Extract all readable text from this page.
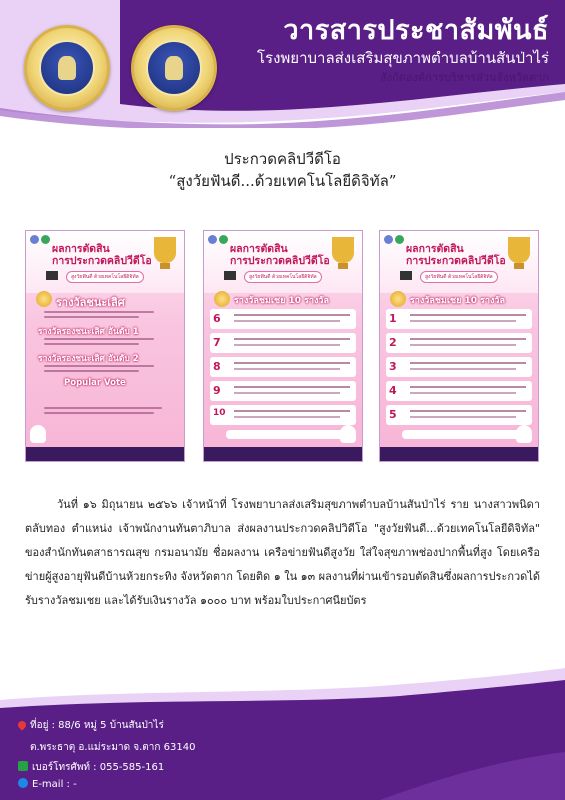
วารสารประชาสัมพันธ์
โรงพยาบาลส่งเสริมสุขภาพตำบลบ้านสันป่าไร่
สังกัดองค์การบริหารส่วนจังหวัดตาก
ประกวดคลิปวีดีโอ
“สูงวัยฟันดี...ด้วยเทคโนโลยีดิจิทัล”
ผลการตัดสิน
การประกวดคลิปวีดีโอ
สูงวัยฟันดี ด้วยเทคโนโลยีดิจิทัล
รางวัลชนะเลิศ
รางวัลรองชนะเลิศ อันดับ 1
รางวัลรองชนะเลิศ อันดับ 2
Popular Vote
ผลการตัดสิน
การประกวดคลิปวีดีโอ
สูงวัยฟันดี ด้วยเทคโนโลยีดิจิทัล
รางวัลชมเชย 10 รางวัล
6
7
8
9
10
ผลการตัดสิน
การประกวดคลิปวีดีโอ
สูงวัยฟันดี ด้วยเทคโนโลยีดิจิทัล
รางวัลชมเชย 10 รางวัล
1
2
3
4
5
วันที่ ๑๖ มิถุนายน ๒๕๖๖ เจ้าหน้าที่ โรงพยาบาลส่งเสริมสุขภาพตำบลบ้านสันป่าไร่ ราย นางสาวพนิดา ตลับทอง ตำแหน่ง เจ้าพนักงานทันตาภิบาล ส่งผลงานประกวดคลิปวิดีโอ "สูงวัยฟันดี...ด้วยเทคโนโลยีดิจิทัล" ของสำนักทันตสาธารณสุข กรมอนามัย ชื่อผลงาน เครือข่ายฟันดีสูงวัย ใส่ใจสุขภาพช่องปากพื้นที่สูง โดยเครือข่ายผู้สูงอายุฟันดีบ้านห้วยกระทิง จังหวัดตาก โดยติด ๑ ใน ๑๓ ผลงานที่ผ่านเข้ารอบตัดสินซึ่งผลการประกวดได้รับรางวัลชมเชย และได้รับเงินรางวัล ๑๐๐๐ บาท พร้อมใบประกาศนียบัตร
ที่อยู่ : 88/6 หมู่ 5 บ้านสันป่าไร่
ต.พระธาตุ อ.แม่ระมาด จ.ตาก 63140
เบอร์โทรศัพท์ : 055-585-161
E-mail : -
